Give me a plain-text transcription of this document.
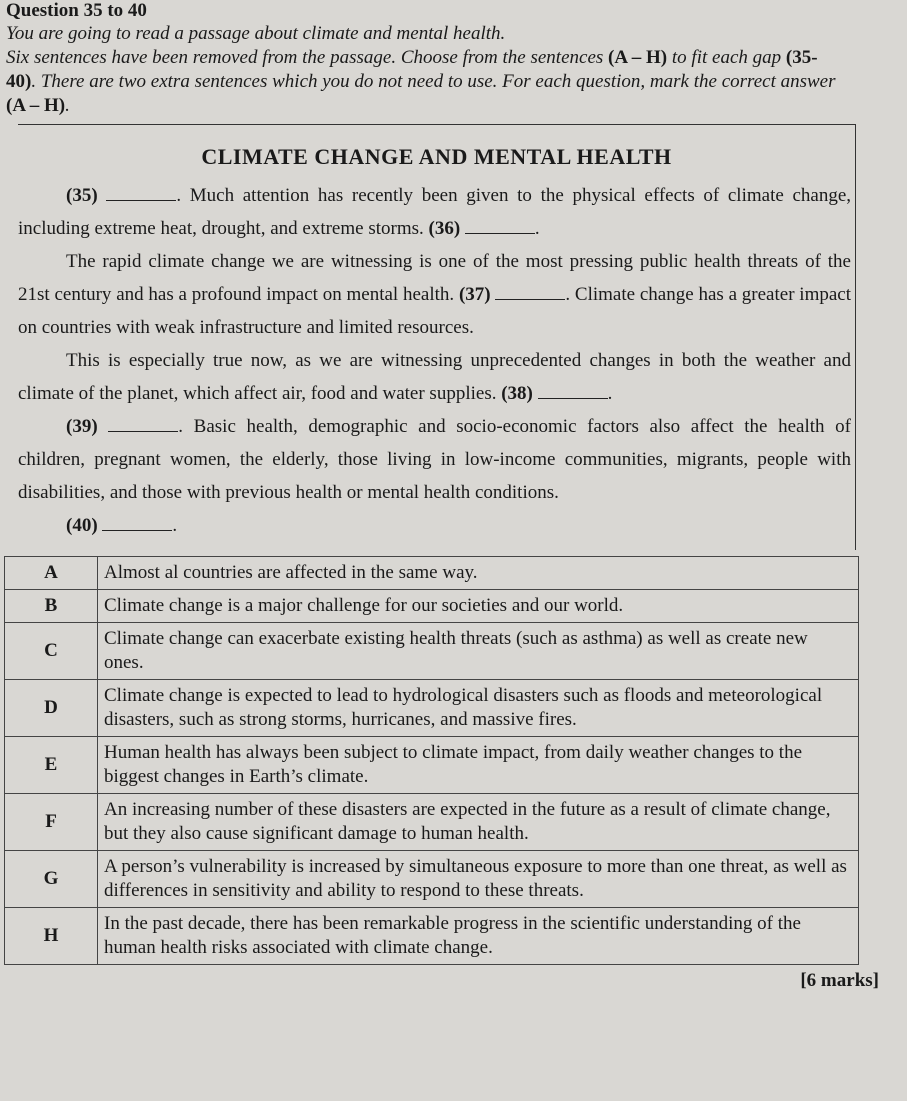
Question 35 to 40
You are going to read a passage about climate and mental health.
Six sentences have been removed from the passage. Choose from the sentences (A – H) to fit each gap (35-40). There are two extra sentences which you do not need to use. For each question, mark the correct answer (A – H).
CLIMATE CHANGE AND MENTAL HEALTH

(35)	. Much attention has recently been given to the physical effects of climate change, including extreme heat, drought, and extreme storms. (36)	.

The rapid climate change we are witnessing is one of the most pressing public health threats of the 21st century and has a profound impact on mental health. (37)	. Climate change has a greater impact on countries with weak infrastructure and limited resources.

This is especially true now, as we are witnessing unprecedented changes in both the weather and climate of the planet, which affect air, food and water supplies. (38)	.

(39)	. Basic health, demographic and socio-economic factors also affect the health of children, pregnant women, the elderly, those living in low-income communities, migrants, people with disabilities, and those with previous health or mental health conditions.

(40)	.

A	Almost al countries are affected in the same way.
B	Climate change is a major challenge for our societies and our world.
C	Climate change can exacerbate existing health threats (such as asthma) as well as create new ones.
D	Climate change is expected to lead to hydrological disasters such as floods and meteorological disasters, such as strong storms, hurricanes, and massive fires.
E	Human health has always been subject to climate impact, from daily weather changes to the biggest changes in Earth’s climate.
F	An increasing number of these disasters are expected in the future as a result of climate change, but they also cause significant damage to human health.
G	A person’s vulnerability is increased by simultaneous exposure to more than one threat, as well as differences in sensitivity and ability to respond to these threats.
H	In the past decade, there has been remarkable progress in the scientific understanding of the human health risks associated with climate change.
[6 marks]
